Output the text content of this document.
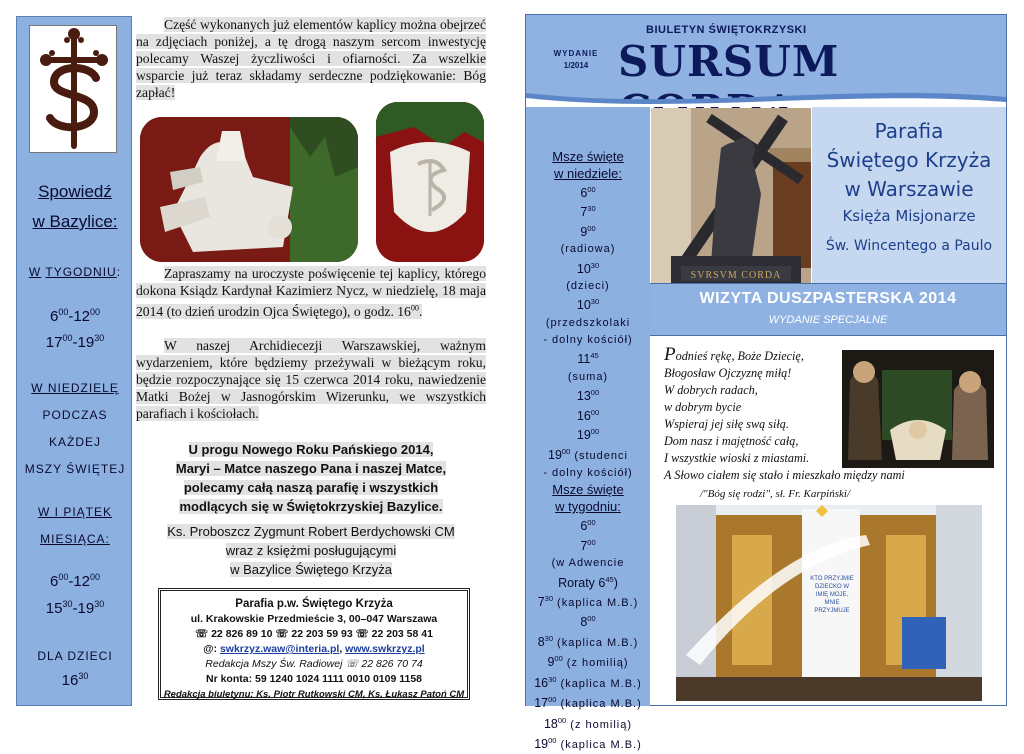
Spowiedź
w Bazylice:
W TYGODNIU:
$6^{00}-12^{00}$
$17^{00}-19^{30}$
W NIEDZIELĘ
PODCZAS
KAŻDEJ
MSZY ŚWIĘTEJ
W I PIĄTEK
MIESIĄCA:
$6^{00}-12^{00}$
$15^{30}-19^{30}$
DLA DZIECI
$16^{30}$
Część wykonanych już elementów kaplicy można obejrzeć na zdjęciach poniżej, a tę drogą naszym sercom inwestycję polecamy Waszej życzliwości i ofiarności. Za wszelkie wsparcie już teraz składamy serdeczne podziękowanie: Bóg zapłać!
Zapraszamy na uroczyste poświęcenie tej kaplicy, którego dokona Ksiądz Kardynał Kazimierz Nycz, w niedzielę, 18 maja 2014 (to dzień urodzin Ojca Świętego), o godz. $16^{00}$.
W naszej Archidiecezji Warszawskiej, ważnym wydarzeniem, które będziemy przeżywali w bieżącym roku, będzie rozpoczynające się 15 czerwca 2014 roku, nawiedzenie Matki Bożej w Jasnogórskim Wizerunku, we wszystkich parafiach i kościołach.
U progu Nowego Roku Pańskiego 2014,
Maryi – Matce naszego Pana i naszej Matce,
polecamy całą naszą parafię i wszystkich
modlących się w Świętokrzyskiej Bazylice.
Ks. Proboszcz Zygmunt Robert Berdychowski CM
wraz z księżmi posługującymi
w Bazylice Świętego Krzyża
Parafia p.w. Świętego Krzyża
ul. Krakowskie Przedmieście 3, 00–047 Warszawa
☏ 22 826 89 10 ☏ 22 203 59 93 ☏ 22 203 58 41
@: swkrzyz.waw@interia.pl, www.swkrzyz.pl
Redakcja Mszy Św. Radiowej ☏ 22 826 70 74
Nr konta: 59 1240 1024 1111 0010 0109 1158
Redakcja biuletynu: Ks. Piotr Rutkowski CM, Ks. Łukasz Patoń CM
BIULETYN ŚWIĘTOKRZYSKI
WYDANIE
1/2014 SURSUM
Msze święte
w niedziele:
$6^{00}$
$7^{30}$
$9^{00}$
(radiowa)
$10^{30}$
(dzieci)
$10^{30}$
(przedszkolaki
- dolny kościół)
$11^{45}$
(suma)
$13^{00}$
$16^{00}$
$19^{00}$
$19^{00}$ (studenci
- dolny kościół)
Msze święte
w tygodniu:
$6^{00}$
$7^{00}$
(w Adwencie
Roraty $6^{45}$)
$7^{30}$ (kaplica M.B.)
$8^{00}$
$8^{30}$ (kaplica M.B.)
$9^{00}$ (z homilią)
$16^{30}$ (kaplica M.B.)
$17^{00}$ (kaplica M.B.)
$18^{00}$ (z homilią)
$19^{00}$ (kaplica M.B.)
SVRSVM CORDA
Parafia
Świętego Krzyża
w Warszawie
Księża Misjonarze
Św. Wincentego a Paulo
WIZYTA DUSZPASTERSKA 2014
WYDANIE SPECJALNE
Podnieś rękę, Boże Dziecię,
Błogosław Ojczyznę miłą!
W dobrych radach,
w dobrym bycie
Wspieraj jej siłę swą siłą.
Dom nasz i majętność całą,
I wszystkie wioski z miastami.
A Słowo ciałem się stało i mieszkało między nami
/"Bóg się rodzi", sł. Fr. Karpiński/
KTO PRZYJMIE DZIECKO W IMIĘ MOJE, MNIE PRZYJMUJE
